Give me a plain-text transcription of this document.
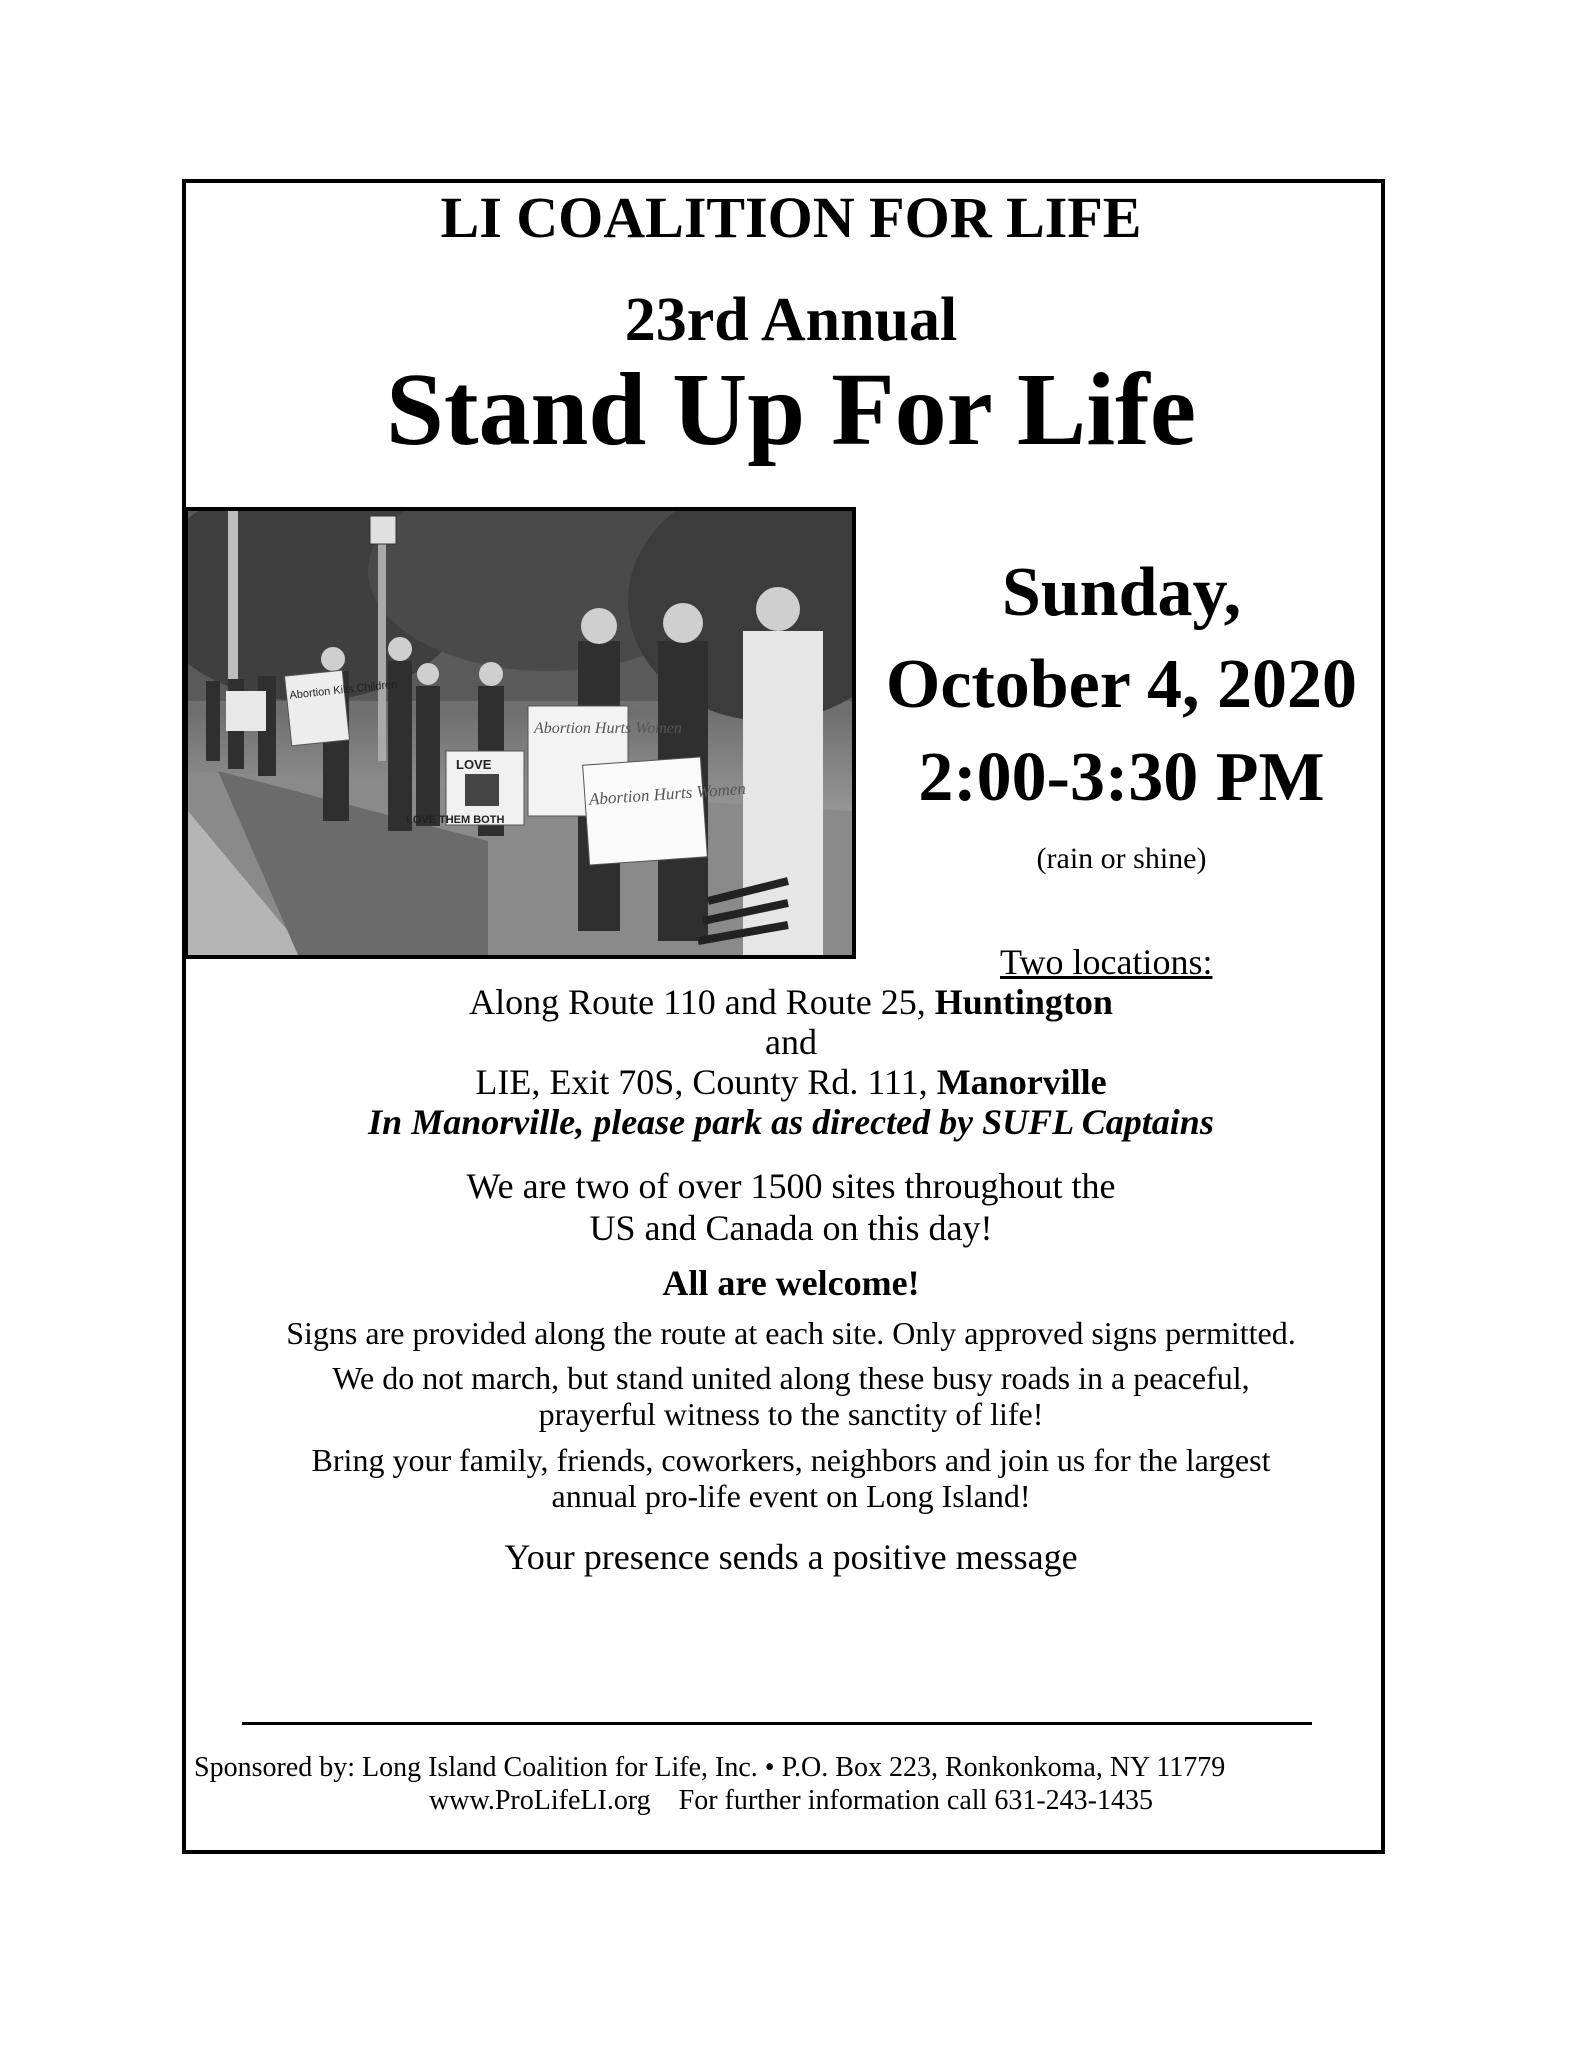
LI COALITION FOR LIFE
23rd Annual
Stand Up For Life
Abortion Kills Children
LOVE
LOVE THEM BOTH
Abortion Hurts Women
Abortion Hurts Women
Sunday,
October 4, 2020
2:00-3:30 PM
(rain or shine)
Two locations:
Along Route 110 and Route 25, Huntington
and
LIE, Exit 70S, County Rd. 111, Manorville
In Manorville, please park as directed by SUFL Captains
We are two of over 1500 sites throughout the
US and Canada on this day!
All are welcome!
Signs are provided along the route at each site. Only approved signs permitted.
We do not march, but stand united along these busy roads in a peaceful,
prayerful witness to the sanctity of life!
Bring your family, friends, coworkers, neighbors and join us for the largest
annual pro-life event on Long Island!
Your presence sends a positive message
Sponsored by: Long Island Coalition for Life, Inc. • P.O. Box 223, Ronkonkoma, NY 11779
www.ProLifeLI.org For further information call 631-243-1435
